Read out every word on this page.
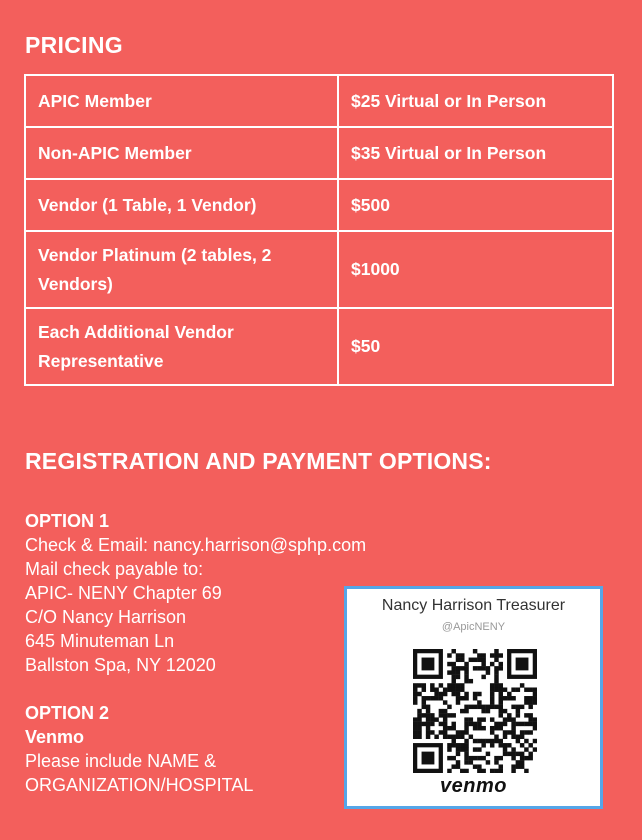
PRICING
APIC Member	$25 Virtual or In Person
Non-APIC Member	$35 Virtual or In Person
Vendor (1 Table, 1 Vendor)	$500
Vendor Platinum (2 tables, 2 Vendors)	$1000
Each Additional Vendor Representative	$50
REGISTRATION AND PAYMENT OPTIONS:
OPTION 1
Check & Email: nancy.harrison@sphp.com
Mail check payable to:
APIC- NENY Chapter 69
C/O Nancy Harrison
645 Minuteman Ln
Ballston Spa, NY 12020
OPTION 2
Venmo
Please include NAME &
ORGANIZATION/HOSPITAL
Nancy Harrison Treasurer
@ApicNENY
venmo
